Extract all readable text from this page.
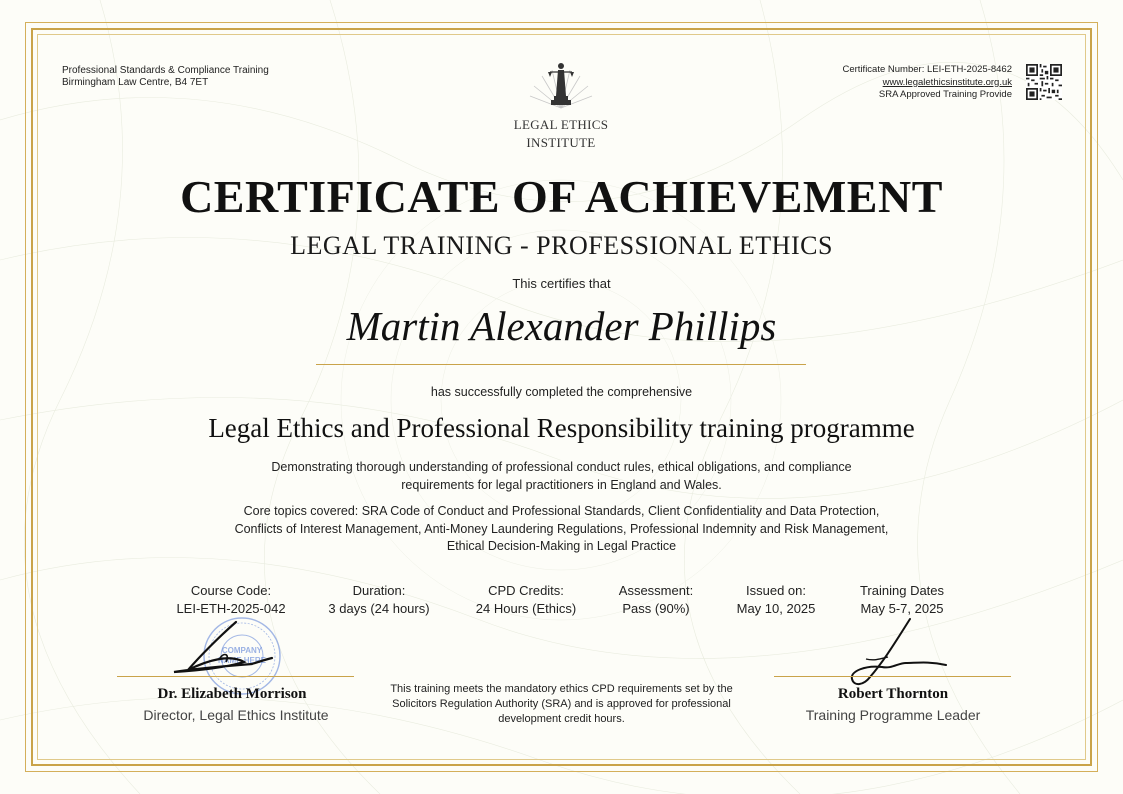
Professional Standards & Compliance Training
Birmingham Law Centre, B4 7ET
Certificate Number: LEI-ETH-2025-8462
www.legalethicsinstitute.org.uk
SRA Approved Training Provide
LEGAL ETHICS
INSTITUTE
CERTIFICATE OF ACHIEVEMENT
LEGAL TRAINING - PROFESSIONAL ETHICS
This certifies that
Martin Alexander Phillips
has successfully completed the comprehensive
Legal Ethics and Professional Responsibility training programme
Demonstrating thorough understanding of professional conduct rules, ethical obligations, and compliance requirements for legal practitioners in England and Wales.
Core topics covered: SRA Code of Conduct and Professional Standards, Client Confidentiality and Data Protection, Conflicts of Interest Management, Anti-Money Laundering Regulations, Professional Indemnity and Risk Management, Ethical Decision-Making in Legal Practice
Course Code:
LEI-ETH-2025-042
Duration:
3 days (24 hours)
CPD Credits:
24 Hours (Ethics)
Assessment:
Pass (90%)
Issued on:
May 10, 2025
Training Dates
May 5-7, 2025
COMPANY
NAME HERE
Dr. Elizabeth Morrison
Director, Legal Ethics Institute
Robert Thornton
Training Programme Leader
This training meets the mandatory ethics CPD requirements set by the Solicitors Regulation Authority (SRA) and is approved for professional development credit hours.
